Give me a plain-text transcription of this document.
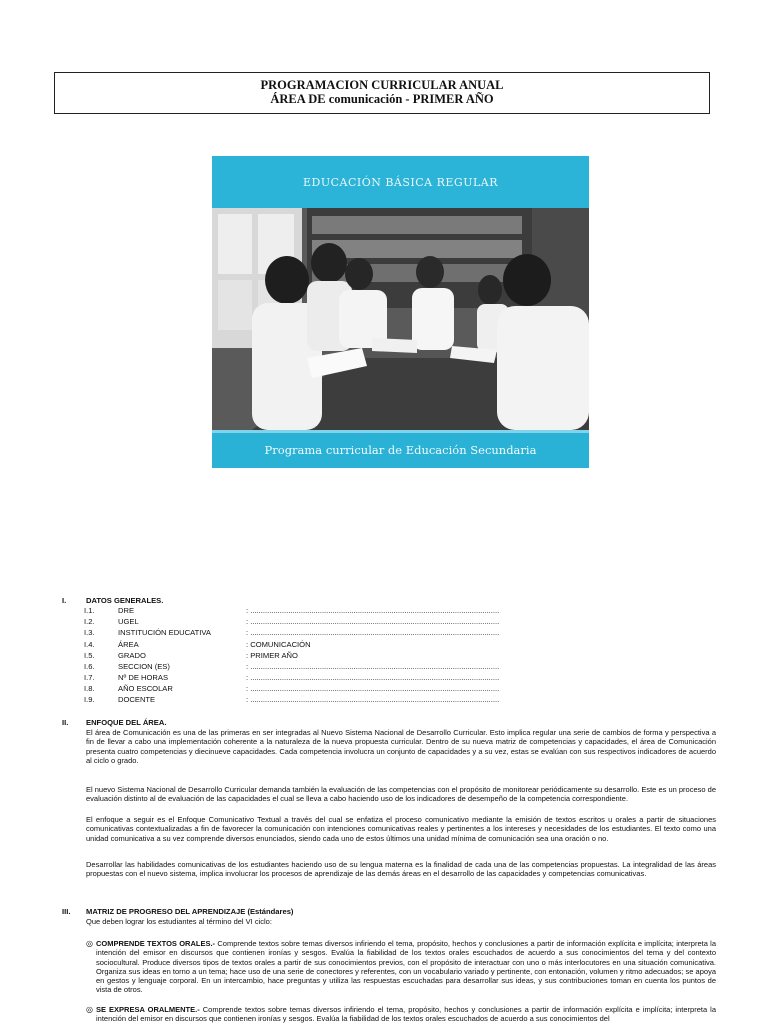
PROGRAMACION CURRICULAR ANUAL
ÁREA DE comunicación - PRIMER AÑO
EDUCACIÓN BÁSICA REGULAR
Programa curricular de Educación Secundaria
I.	DATOS GENERALES.
I.1.	DRE	: ......................................................................................................................
I.2.	UGEL	: ......................................................................................................................
I.3.	INSTITUCIÓN EDUCATIVA	: ......................................................................................................................
I.4.	ÁREA	: COMUNICACIÓN
I.5.	GRADO	: PRIMER AÑO
I.6.	SECCION (ES)	: ......................................................................................................................
I.7.	Nº DE HORAS	: ......................................................................................................................
I.8.	AÑO ESCOLAR	: ......................................................................................................................
I.9.	DOCENTE	: ......................................................................................................................
II. ENFOQUE DEL ÁREA.
El área de Comunicación es una de las primeras en ser integradas al Nuevo Sistema Nacional de Desarrollo Curricular. Esto implica regular una serie de cambios de forma y perspectiva a fin de llevar a cabo una implementación coherente a la naturaleza de la nueva propuesta curricular. Dentro de su nueva matriz de competencias y capacidades, el área de Comunicación presenta cuatro competencias y diecinueve capacidades. Cada competencia involucra un conjunto de capacidades y a su vez, estas se evalúan con sus respectivos indicadores de acuerdo al ciclo o grado.
El nuevo Sistema Nacional de Desarrollo Curricular demanda también la evaluación de las competencias con el propósito de monitorear periódicamente su desarrollo. Este es un proceso de evaluación distinto al de evaluación de las capacidades el cual se lleva a cabo haciendo uso de los indicadores de desempeño de la competencia correspondiente.
El enfoque a seguir es el Enfoque Comunicativo Textual a través del cual se enfatiza el proceso comunicativo mediante la emisión de textos escritos u orales a partir de situaciones comunicativas contextualizadas a fin de favorecer la comunicación con intenciones comunicativas reales y pertinentes a los intereses y necesidades de los estudiantes. El texto como una unidad comunicativa a su vez comprende diversos enunciados, siendo cada uno de estos últimos una unidad mínima de comunicación sea una oración o no.
Desarrollar las habilidades comunicativas de los estudiantes haciendo uso de su lengua materna es la finalidad de cada una de las competencias propuestas. La integralidad de las áreas propuestas con el nuevo sistema, implica involucrar los procesos de aprendizaje de las demás áreas en el desarrollo de las capacidades y competencias comunicativas.
III. MATRIZ DE PROGRESO DEL APRENDIZAJE (Estándares)
Que deben lograr los estudiantes al término del VI ciclo:
◎ COMPRENDE TEXTOS ORALES.- Comprende textos sobre temas diversos infiriendo el tema, propósito, hechos y conclusiones a partir de información explícita e implícita; interpreta la intención del emisor en discursos que contienen ironías y sesgos. Evalúa la fiabilidad de los textos orales escuchados de acuerdo a sus conocimientos del tema y del contexto sociocultural. Produce diversos tipos de textos orales a partir de sus conocimientos previos, con el propósito de interactuar con uno o más interlocutores en una situación comunicativa. Organiza sus ideas en torno a un tema; hace uso de una serie de conectores y referentes, con un vocabulario variado y pertinente, con entonación, volumen y ritmo adecuados; se apoya en gestos y lenguaje corporal. En un intercambio, hace preguntas y utiliza las respuestas escuchadas para desarrollar sus ideas, y sus contribuciones toman en cuenta los puntos de vista de otros.
◎ SE EXPRESA ORALMENTE.- Comprende textos sobre temas diversos infiriendo el tema, propósito, hechos y conclusiones a partir de información explícita e implícita; interpreta la intención del emisor en discursos que contienen ironías y sesgos. Evalúa la fiabilidad de los textos orales escuchados de acuerdo a sus conocimientos del
